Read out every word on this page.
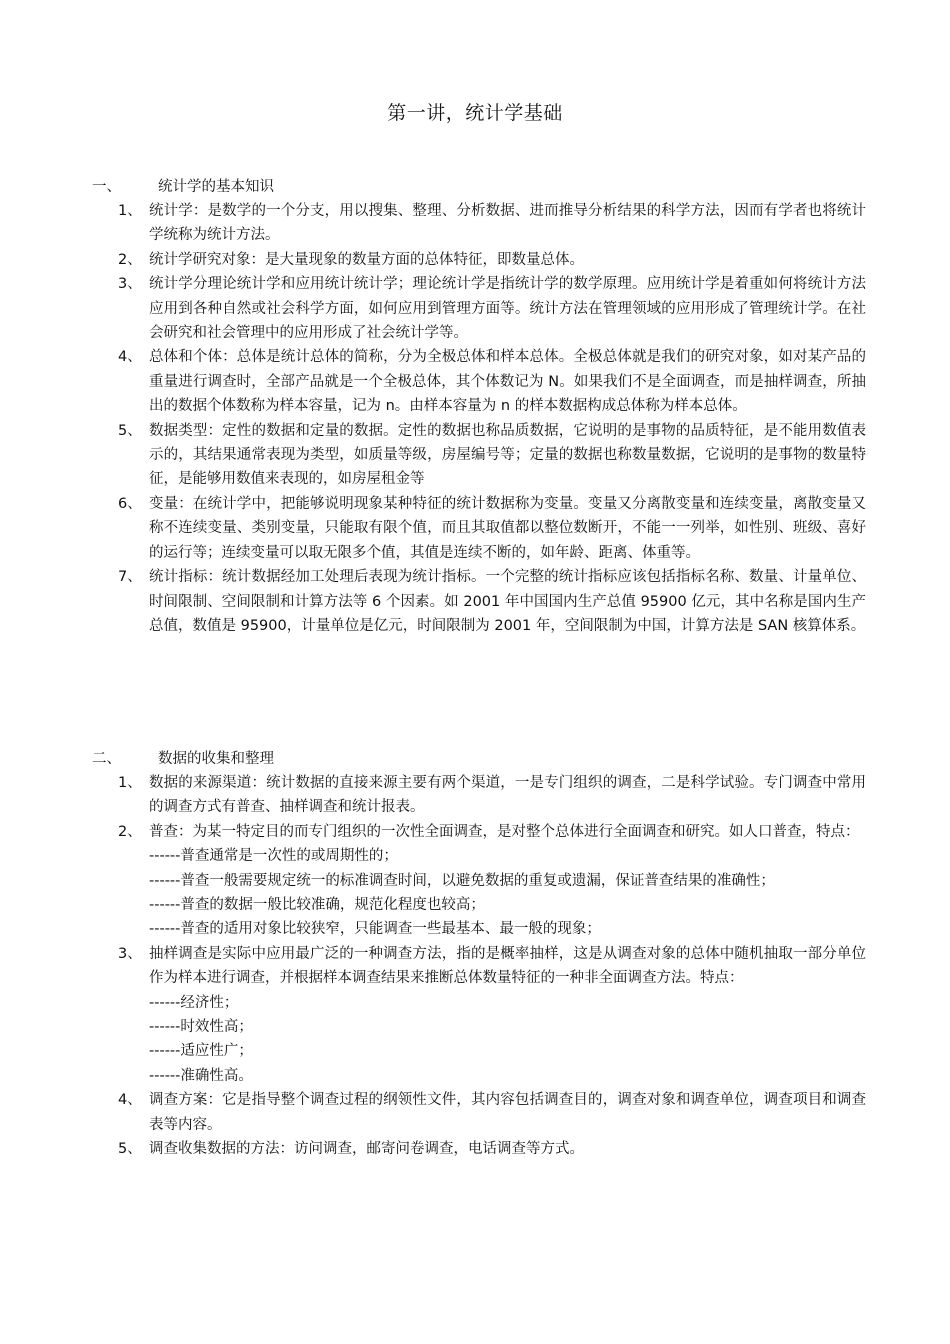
第一讲，统计学基础
一、	统计学的基本知识
1、 统计学：是数学的一个分支，用以搜集、整理、分析数据、进而推导分析结果的科学方法，因而有学者也将统计学统称为统计方法。
2、 统计学研究对象：是大量现象的数量方面的总体特征，即数量总体。
3、 统计学分理论统计学和应用统计统计学；理论统计学是指统计学的数学原理。应用统计学是着重如何将统计方法应用到各种自然或社会科学方面，如何应用到管理方面等。统计方法在管理领域的应用形成了管理统计学。在社会研究和社会管理中的应用形成了社会统计学等。
4、 总体和个体：总体是统计总体的简称，分为全极总体和样本总体。全极总体就是我们的研究对象，如对某产品的重量进行调查时，全部产品就是一个全极总体，其个体数记为 N。如果我们不是全面调查，而是抽样调查，所抽出的数据个体数称为样本容量，记为 n。由样本容量为 n 的样本数据构成总体称为样本总体。
5、 数据类型：定性的数据和定量的数据。定性的数据也称品质数据，它说明的是事物的品质特征，是不能用数值表示的，其结果通常表现为类型，如质量等级，房屋编号等；定量的数据也称数量数据，它说明的是事物的数量特征，是能够用数值来表现的，如房屋租金等
6、 变量：在统计学中，把能够说明现象某种特征的统计数据称为变量。变量又分离散变量和连续变量，离散变量又称不连续变量、类别变量，只能取有限个值，而且其取值都以整位数断开，不能一一列举，如性别、班级、喜好的运行等；连续变量可以取无限多个值，其值是连续不断的，如年龄、距离、体重等。
7、 统计指标：统计数据经加工处理后表现为统计指标。一个完整的统计指标应该包括指标名称、数量、计量单位、时间限制、空间限制和计算方法等 6 个因素。如 2001 年中国国内生产总值 95900 亿元，其中名称是国内生产总值，数值是 95900，计量单位是亿元，时间限制为 2001 年，空间限制为中国，计算方法是 SAN 核算体系。
二、	数据的收集和整理
1、 数据的来源渠道：统计数据的直接来源主要有两个渠道，一是专门组织的调查，二是科学试验。专门调查中常用的调查方式有普查、抽样调查和统计报表。
2、 普查：为某一特定目的而专门组织的一次性全面调查，是对整个总体进行全面调查和研究。如人口普查，特点：
------普查通常是一次性的或周期性的；
------普查一般需要规定统一的标准调查时间，以避免数据的重复或遗漏，保证普查结果的准确性；
------普查的数据一般比较准确，规范化程度也较高；
------普查的适用对象比较狭窄，只能调查一些最基本、最一般的现象；
3、 抽样调查是实际中应用最广泛的一种调查方法，指的是概率抽样，这是从调查对象的总体中随机抽取一部分单位作为样本进行调查，并根据样本调查结果来推断总体数量特征的一种非全面调查方法。特点：
------经济性；
------时效性高；
------适应性广；
------准确性高。
4、 调查方案：它是指导整个调查过程的纲领性文件，其内容包括调查目的，调查对象和调查单位，调查项目和调查表等内容。
5、 调查收集数据的方法：访问调查，邮寄问卷调查，电话调查等方式。
